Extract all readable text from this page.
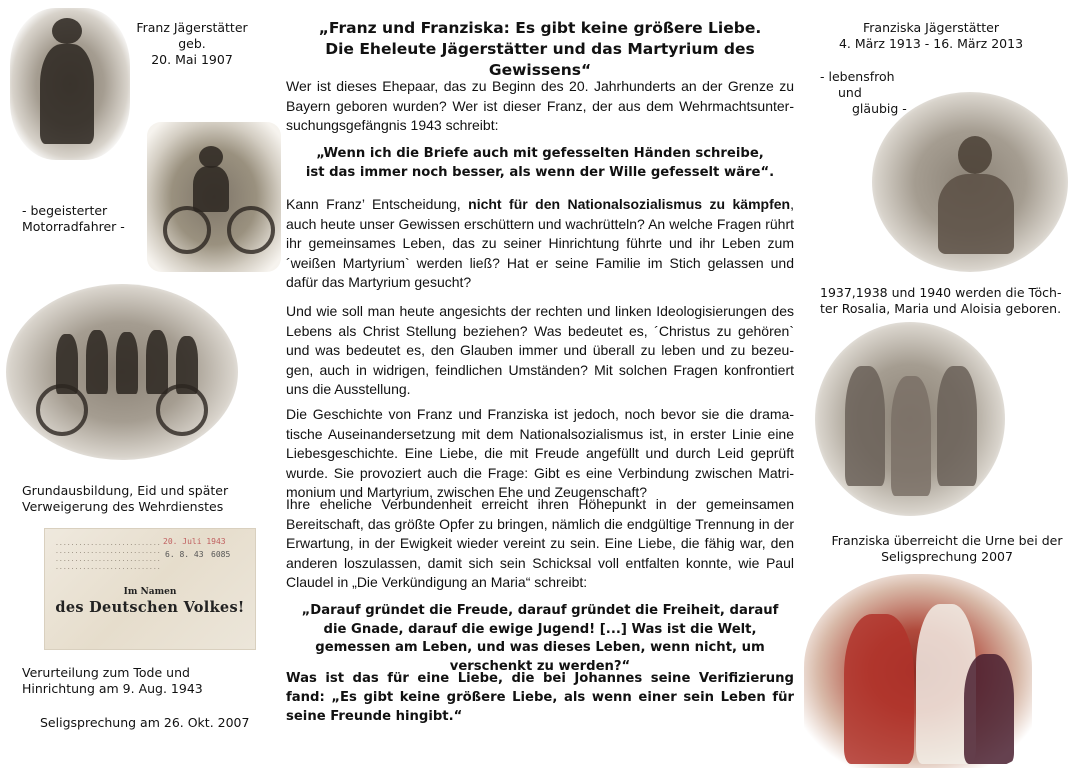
„Franz und Franziska: Es gibt keine größere Liebe.
Die Eheleute Jägerstätter und das Martyrium des Gewissens“
Franz Jägerstätter
geb.
20. Mai 1907
- begeisterter
Motorradfahrer -
Grundausbildung, Eid und später
Verweigerung des Wehrdienstes
...........................
...........................
...........................
...........................
20. Juli 1943
6. 8. 43 6085
Im Namen
des Deutschen Volkes!
Verurteilung zum Tode und
Hinrichtung am 9. Aug. 1943
Seligsprechung am 26. Okt. 2007

Wer ist dieses Ehepaar, das zu Beginn des 20. Jahrhunderts an der Grenze zu Bayern geboren wurden? Wer ist dieser Franz, der aus dem Wehrmachtsunter-suchungsgefängnis 1943 schreibt:

„Wenn ich die Briefe auch mit gefesselten Händen schreibe,
ist das immer noch besser, als wenn der Wille gefesselt wäre“.

Kann Franz’ Entscheidung, nicht für den Nationalsozialismus zu kämpfen, auch heute unser Gewissen erschüttern und wachrütteln? An welche Fragen rührt ihr gemeinsames Leben, das zu seiner Hinrichtung führte und ihr Leben zum ´weißen Martyrium` werden ließ? Hat er seine Familie im Stich gelassen und dafür das Martyrium gesucht?

Und wie soll man heute angesichts der rechten und linken Ideologisierungen des Lebens als Christ Stellung beziehen? Was bedeutet es, ´Christus zu gehören` und was bedeutet es, den Glauben immer und überall zu leben und zu bezeu-gen, auch in widrigen, feindlichen Umständen? Mit solchen Fragen konfrontiert uns die Ausstellung.

Die Geschichte von Franz und Franziska ist jedoch, noch bevor sie die drama-tische Auseinandersetzung mit dem Nationalsozialismus ist, in erster Linie eine Liebesgeschichte. Eine Liebe, die mit Freude angefüllt und durch Leid geprüft wurde. Sie provoziert auch die Frage: Gibt es eine Verbindung zwischen Matri-monium und Martyrium, zwischen Ehe und Zeugenschaft?

Ihre eheliche Verbundenheit erreicht ihren Höhepunkt in der gemeinsamen Bereitschaft, das größte Opfer zu bringen, nämlich die endgültige Trennung in der Erwartung, in der Ewigkeit wieder vereint zu sein. Eine Liebe, die fähig war, den anderen loszulassen, damit sich sein Schicksal voll entfalten konnte, wie Paul Claudel in „Die Verkündigung an Maria“ schreibt:

„Darauf gründet die Freude, darauf gründet die Freiheit, darauf die Gnade, darauf die ewige Jugend! [...] Was ist die Welt, gemessen am Leben, und was dieses Leben, wenn nicht, um verschenkt zu werden?“

Was ist das für eine Liebe, die bei Johannes seine Verifizierung fand: „Es gibt keine größere Liebe, als wenn einer sein Leben für seine Freunde hingibt.“

Franziska Jägerstätter
4. März 1913 - 16. März 2013
- lebensfroh
und
gläubig -
1937,1938 und 1940 werden die Töch-
ter Rosalia, Maria und Aloisia geboren.
Franziska überreicht die Urne bei der
Seligsprechung 2007
